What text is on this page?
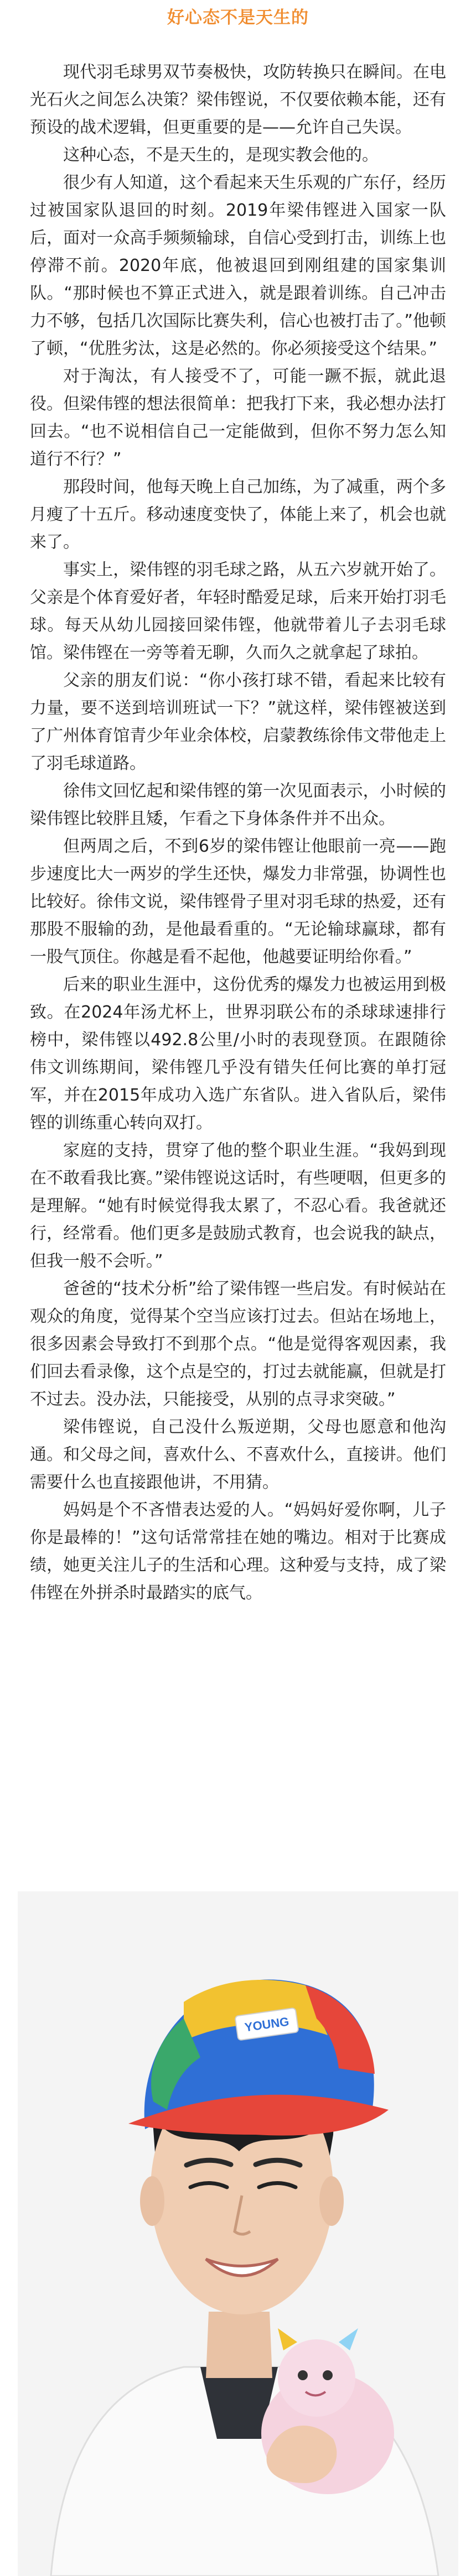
好心态不是天生的

现代羽毛球男双节奏极快，攻防转换只在瞬间。在电光石火之间怎么决策？梁伟铿说，不仅要依赖本能，还有预设的战术逻辑，但更重要的是——允许自己失误。

这种心态，不是天生的，是现实教会他的。

很少有人知道，这个看起来天生乐观的广东仔，经历过被国家队退回的时刻。2019年梁伟铿进入国家一队后，面对一众高手频频输球，自信心受到打击，训练上也停滞不前。2020年底，他被退回到刚组建的国家集训队。“那时候也不算正式进入，就是跟着训练。自己冲击力不够，包括几次国际比赛失利，信心也被打击了。”他顿了顿，“优胜劣汰，这是必然的。你必须接受这个结果。”

对于淘汰，有人接受不了，可能一蹶不振，就此退役。但梁伟铿的想法很简单：把我打下来，我必想办法打回去。“也不说相信自己一定能做到，但你不努力怎么知道行不行？”

那段时间，他每天晚上自己加练，为了减重，两个多月瘦了十五斤。移动速度变快了，体能上来了，机会也就来了。

事实上，梁伟铿的羽毛球之路，从五六岁就开始了。父亲是个体育爱好者，年轻时酷爱足球，后来开始打羽毛球。每天从幼儿园接回梁伟铿，他就带着儿子去羽毛球馆。梁伟铿在一旁等着无聊，久而久之就拿起了球拍。

父亲的朋友们说：“你小孩打球不错，看起来比较有力量，要不送到培训班试一下？”就这样，梁伟铿被送到了广州体育馆青少年业余体校，启蒙教练徐伟文带他走上了羽毛球道路。

徐伟文回忆起和梁伟铿的第一次见面表示，小时候的梁伟铿比较胖且矮，乍看之下身体条件并不出众。

但两周之后，不到6岁的梁伟铿让他眼前一亮——跑步速度比大一两岁的学生还快，爆发力非常强，协调性也比较好。徐伟文说，梁伟铿骨子里对羽毛球的热爱，还有那股不服输的劲，是他最看重的。“无论输球赢球，都有一股气顶住。你越是看不起他，他越要证明给你看。”

后来的职业生涯中，这份优秀的爆发力也被运用到极致。在2024年汤尤杯上，世界羽联公布的杀球球速排行榜中，梁伟铿以492.8公里/小时的表现登顶。在跟随徐伟文训练期间，梁伟铿几乎没有错失任何比赛的单打冠军，并在2015年成功入选广东省队。进入省队后，梁伟铿的训练重心转向双打。

家庭的支持，贯穿了他的整个职业生涯。“我妈到现在不敢看我比赛。”梁伟铿说这话时，有些哽咽，但更多的是理解。“她有时候觉得我太累了，不忍心看。我爸就还行，经常看。他们更多是鼓励式教育，也会说我的缺点，但我一般不会听。”

爸爸的“技术分析”给了梁伟铿一些启发。有时候站在观众的角度，觉得某个空当应该打过去。但站在场地上，很多因素会导致打不到那个点。“他是觉得客观因素，我们回去看录像，这个点是空的，打过去就能赢，但就是打不过去。没办法，只能接受，从别的点寻求突破。”

梁伟铿说，自己没什么叛逆期，父母也愿意和他沟通。和父母之间，喜欢什么、不喜欢什么，直接讲。他们需要什么也直接跟他讲，不用猜。

妈妈是个不吝惜表达爱的人。“妈妈好爱你啊，儿子你是最棒的！”这句话常常挂在她的嘴边。相对于比赛成绩，她更关注儿子的生活和心理。这种爱与支持，成了梁伟铿在外拼杀时最踏实的底气。

YOUNG
